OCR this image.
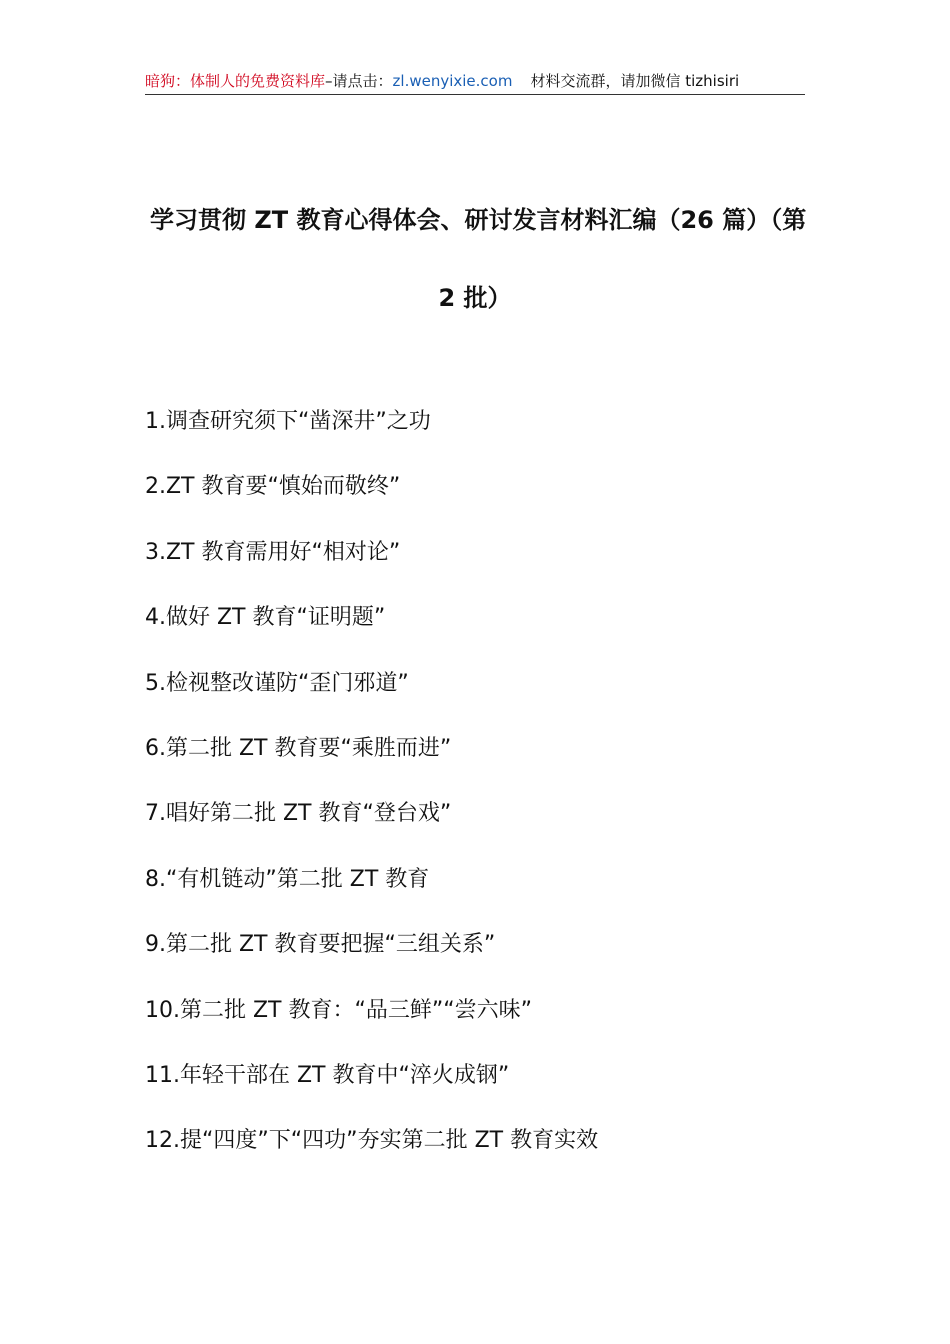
暗狗：体制人的免费资料库–请点击：zl.wenyixie.com 材料交流群，请加微信 tizhisiri
学习贯彻 ZT 教育心得体会、研讨发言材料汇编（26 篇）（第
2 批）
1.调查研究须下“凿深井”之功
2.ZT 教育要“慎始而敬终”
3.ZT 教育需用好“相对论”
4.做好 ZT 教育“证明题”
5.检视整改谨防“歪门邪道”
6.第二批 ZT 教育要“乘胜而进”
7.唱好第二批 ZT 教育“登台戏”
8.“有机链动”第二批 ZT 教育
9.第二批 ZT 教育要把握“三组关系”
10.第二批 ZT 教育：“品三鲜”“尝六味”
11.年轻干部在 ZT 教育中“淬火成钢”
12.提“四度”下“四功”夯实第二批 ZT 教育实效
